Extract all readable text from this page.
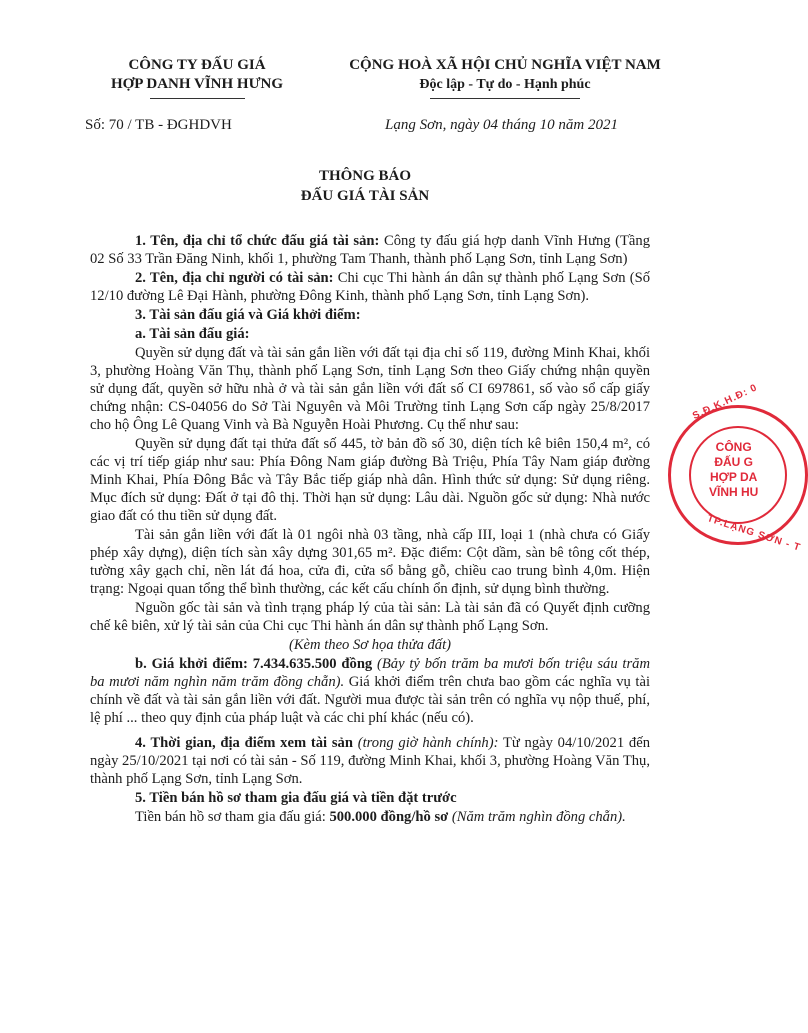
CÔNG TY ĐẤU GIÁ
HỢP DANH VĨNH HƯNG
CỘNG HOÀ XÃ HỘI CHỦ NGHĨA VIỆT NAM
Độc lập - Tự do - Hạnh phúc
Số: 70 / TB - ĐGHDVH	Lạng Sơn, ngày 04 tháng 10 năm 2021
THÔNG BÁO
ĐẤU GIÁ TÀI SẢN

1. Tên, địa chỉ tổ chức đấu giá tài sản: Công ty đấu giá hợp danh Vĩnh Hưng (Tầng 02 Số 33 Trần Đăng Ninh, khối 1, phường Tam Thanh, thành phố Lạng Sơn, tỉnh Lạng Sơn)

2. Tên, địa chỉ người có tài sản: Chi cục Thi hành án dân sự thành phố Lạng Sơn (Số 12/10 đường Lê Đại Hành, phường Đông Kinh, thành phố Lạng Sơn, tỉnh Lạng Sơn).

3. Tài sản đấu giá và Giá khởi điểm:

a. Tài sản đấu giá:

Quyền sử dụng đất và tài sản gắn liền với đất tại địa chỉ số 119, đường Minh Khai, khối 3, phường Hoàng Văn Thụ, thành phố Lạng Sơn, tỉnh Lạng Sơn theo Giấy chứng nhận quyền sử dụng đất, quyền sở hữu nhà ở và tài sản gắn liền với đất số CI 697861, số vào sổ cấp giấy chứng nhận: CS-04056 do Sở Tài Nguyên và Môi Trường tỉnh Lạng Sơn cấp ngày 25/8/2017 cho hộ Ông Lê Quang Vinh và Bà Nguyễn Hoài Phương. Cụ thể như sau:

Quyền sử dụng đất tại thửa đất số 445, tờ bản đồ số 30, diện tích kê biên 150,4 m², có các vị trí tiếp giáp như sau: Phía Đông Nam giáp đường Bà Triệu, Phía Tây Nam giáp đường Minh Khai, Phía Đông Bắc và Tây Bắc tiếp giáp nhà dân. Hình thức sử dụng: Sử dụng riêng. Mục đích sử dụng: Đất ở tại đô thị. Thời hạn sử dụng: Lâu dài. Nguồn gốc sử dụng: Nhà nước giao đất có thu tiền sử dụng đất.

Tài sản gắn liền với đất là 01 ngôi nhà 03 tầng, nhà cấp III, loại 1 (nhà chưa có Giấy phép xây dựng), diện tích sàn xây dựng 301,65 m². Đặc điểm: Cột dầm, sàn bê tông cốt thép, tường xây gạch chỉ, nền lát đá hoa, cửa đi, cửa sổ bằng gỗ, chiều cao trung bình 4,0m. Hiện trạng: Ngoại quan tổng thể bình thường, các kết cấu chính ổn định, sử dụng bình thường.

Nguồn gốc tài sản và tình trạng pháp lý của tài sản: Là tài sản đã có Quyết định cưỡng chế kê biên, xử lý tài sản của Chi cục Thi hành án dân sự thành phố Lạng Sơn.

(Kèm theo Sơ họa thửa đất)

b. Giá khởi điểm: 7.434.635.500 đồng (Bảy tỷ bốn trăm ba mươi bốn triệu sáu trăm ba mươi năm nghìn năm trăm đồng chẵn). Giá khởi điểm trên chưa bao gồm các nghĩa vụ tài chính về đất và tài sản gắn liền với đất. Người mua được tài sản trên có nghĩa vụ nộp thuế, phí, lệ phí ... theo quy định của pháp luật và các chi phí khác (nếu có).

4. Thời gian, địa điểm xem tài sản (trong giờ hành chính): Từ ngày 04/10/2021 đến ngày 25/10/2021 tại nơi có tài sản - Số 119, đường Minh Khai, khối 3, phường Hoàng Văn Thụ, thành phố Lạng Sơn, tỉnh Lạng Sơn.

5. Tiền bán hồ sơ tham gia đấu giá và tiền đặt trước

Tiền bán hồ sơ tham gia đấu giá: 500.000 đồng/hồ sơ (Năm trăm nghìn đồng chẵn).

S.Đ.K.H.Đ: 0
CÔNG
ĐẤU G
HỢP DA
VĨNH HU
TP.LẠNG SƠN - T
